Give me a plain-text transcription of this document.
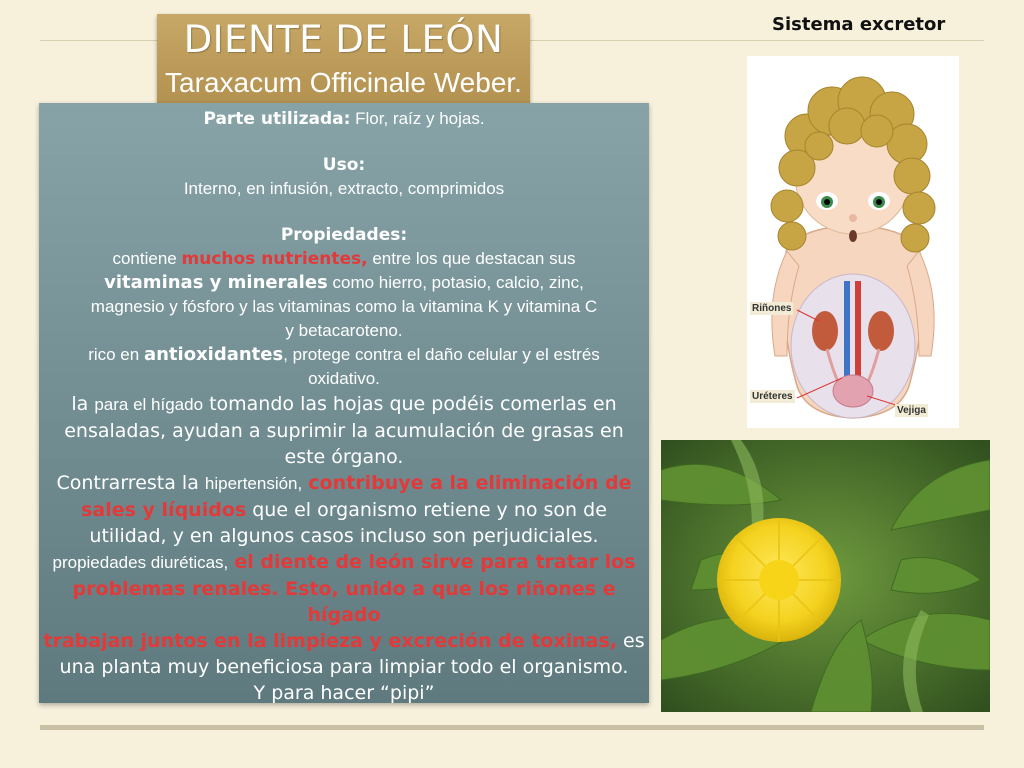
Sistema excretor
DIENTE DE LEÓN
Taraxacum Officinale Weber.

Parte utilizada: Flor, raíz y hojas.

Uso:

Interno, en infusión, extracto, comprimidos

Propiedades:

contiene muchos nutrientes, entre los que destacan sus

vitaminas y minerales como hierro, potasio, calcio, zinc,

magnesio y fósforo y las vitaminas como la vitamina K y vitamina C

y betacaroteno.

rico en antioxidantes, protege contra el daño celular y el estrés

oxidativo.

la para el hígado tomando las hojas que podéis comerlas en

ensaladas, ayudan a suprimir la acumulación de grasas en

este órgano.

Contrarresta la hipertensión, contribuye a la eliminación de

sales y líquidos que el organismo retiene y no son de

utilidad, y en algunos casos incluso son perjudiciales.

propiedades diuréticas, el diente de león sirve para tratar los

problemas renales. Esto, unido a que los riñones e hígado

trabajan juntos en la limpieza y excreción de toxinas, es

una planta muy beneficiosa para limpiar todo el organismo.

Y para hacer “pipi”

Riñones
Uréteres
Vejiga
